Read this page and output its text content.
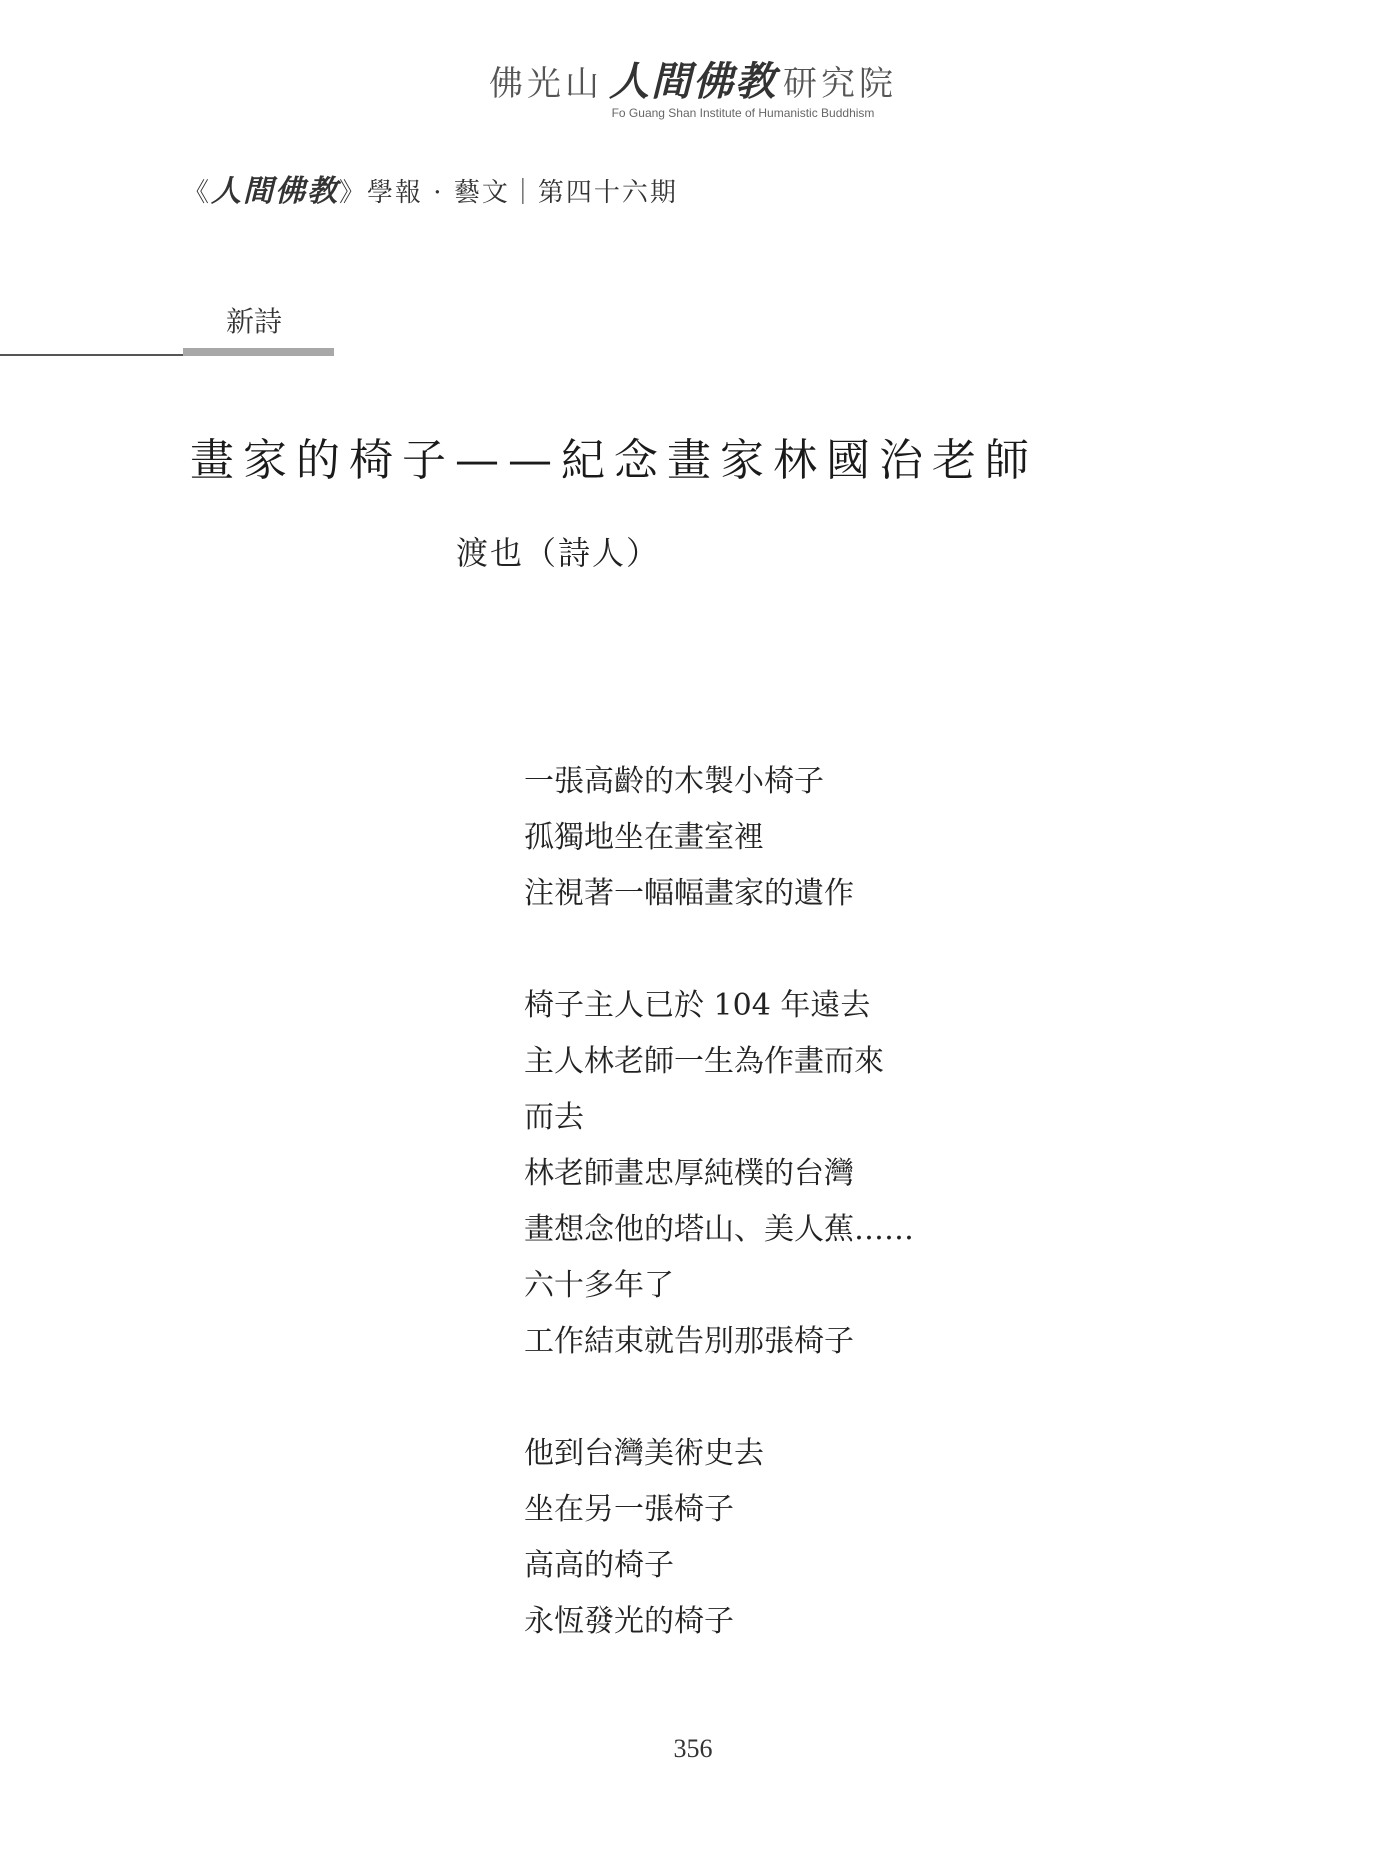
佛光山 人間佛教 研究院
Fo Guang Shan Institute of Humanistic Buddhism
《人間佛教》學報 · 藝文｜第四十六期
新詩
畫家的椅子——紀念畫家林國治老師
渡也（詩人）
一張高齡的木製小椅子
孤獨地坐在畫室裡
注視著一幅幅畫家的遺作
椅子主人已於 104 年遠去
主人林老師一生為作畫而來
而去
林老師畫忠厚純樸的台灣
畫想念他的塔山、美人蕉……
六十多年了
工作結束就告別那張椅子
他到台灣美術史去
坐在另一張椅子
高高的椅子
永恆發光的椅子
356
